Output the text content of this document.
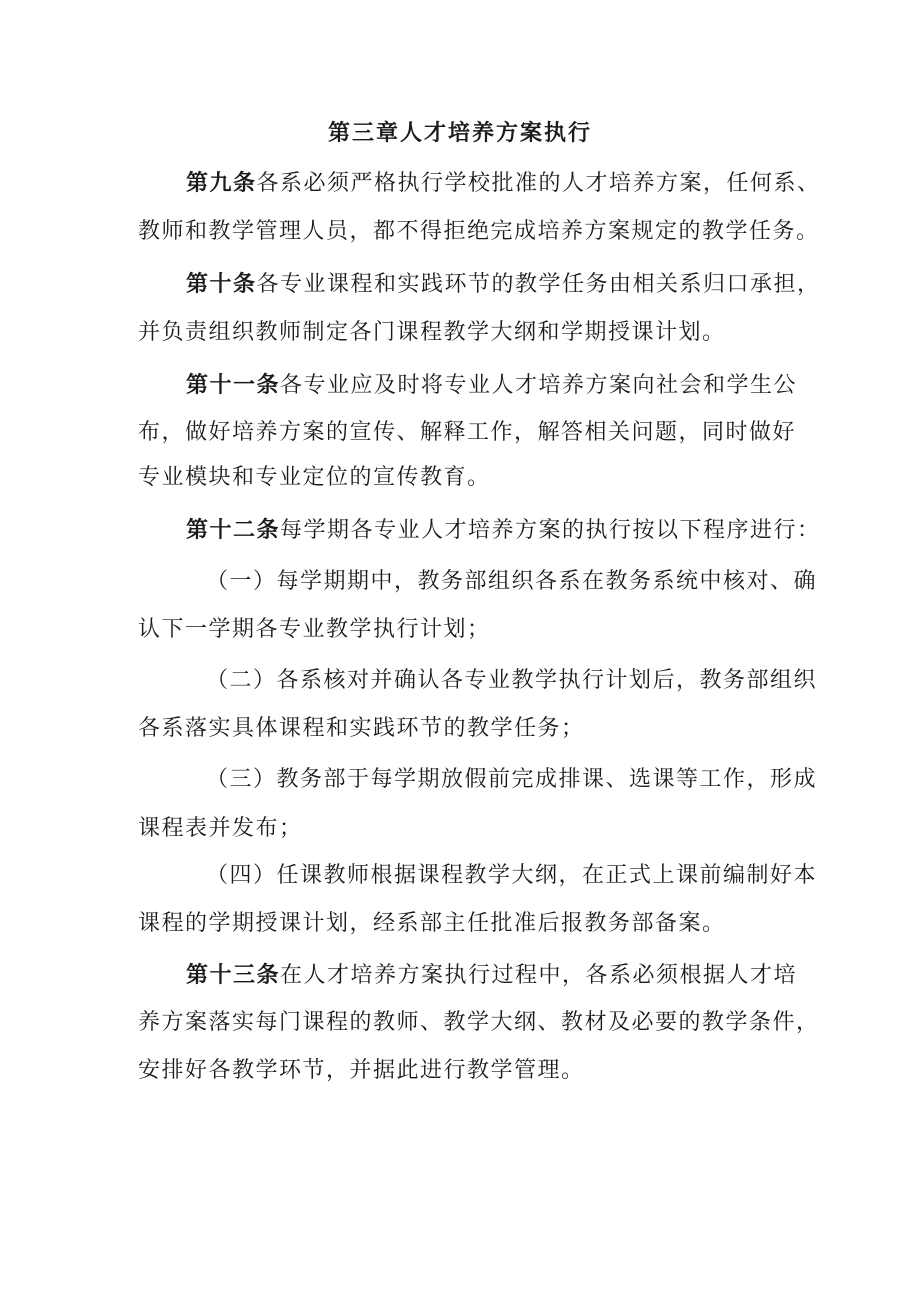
第三章人才培养方案执行
第九条各系必须严格执行学校批准的人才培养方案，任何系、
教师和教学管理人员，都不得拒绝完成培养方案规定的教学任务。
第十条各专业课程和实践环节的教学任务由相关系归口承担，
并负责组织教师制定各门课程教学大纲和学期授课计划。
第十一条各专业应及时将专业人才培养方案向社会和学生公
布，做好培养方案的宣传、解释工作，解答相关问题，同时做好
专业模块和专业定位的宣传教育。
第十二条每学期各专业人才培养方案的执行按以下程序进行：
（一）每学期期中，教务部组织各系在教务系统中核对、确
认下一学期各专业教学执行计划；
（二）各系核对并确认各专业教学执行计划后，教务部组织
各系落实具体课程和实践环节的教学任务；
（三）教务部于每学期放假前完成排课、选课等工作，形成
课程表并发布；
（四）任课教师根据课程教学大纲，在正式上课前编制好本
课程的学期授课计划，经系部主任批准后报教务部备案。
第十三条在人才培养方案执行过程中，各系必须根据人才培
养方案落实每门课程的教师、教学大纲、教材及必要的教学条件，
安排好各教学环节，并据此进行教学管理。
